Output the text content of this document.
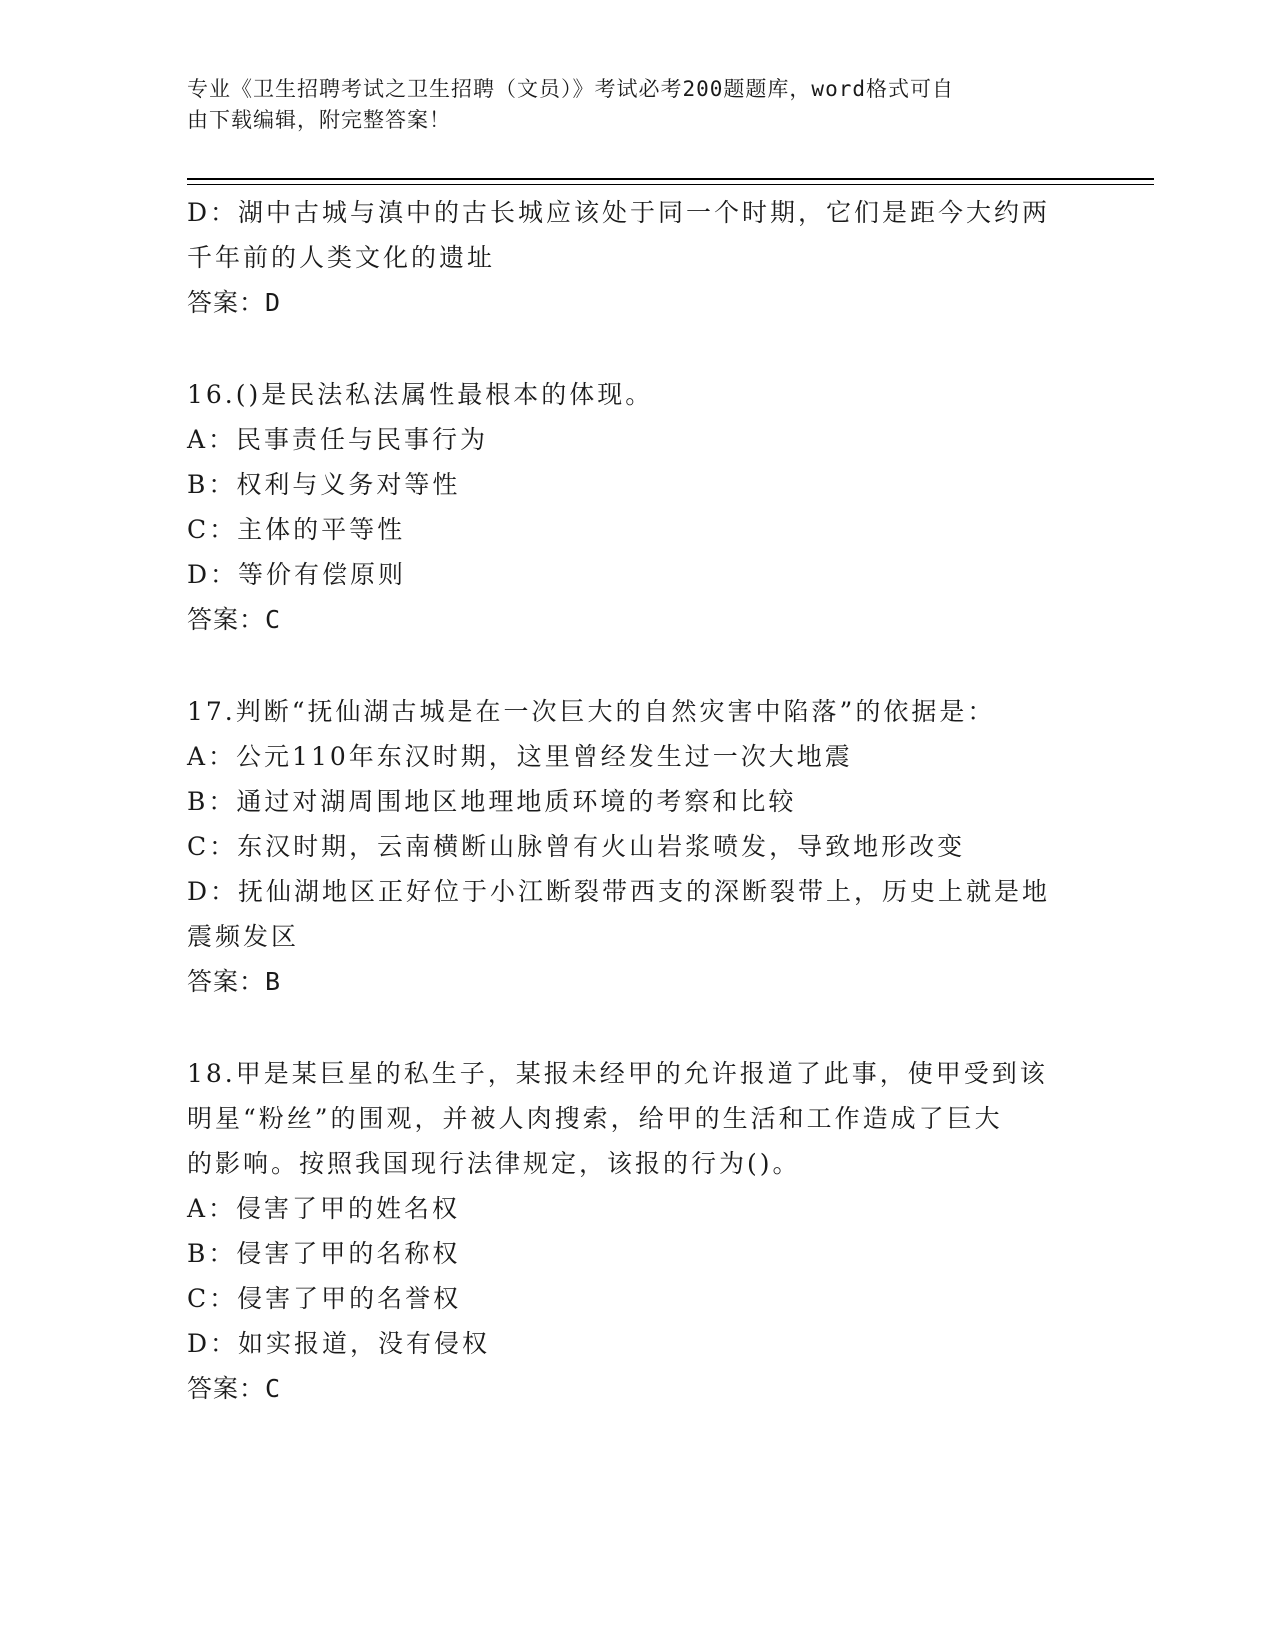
专业《卫生招聘考试之卫生招聘（文员）》考试必考200题题库，word格式可自
由下载编辑，附完整答案！
D：湖中古城与滇中的古长城应该处于同一个时期，它们是距今大约两
千年前的人类文化的遗址
答案：D
16.()是民法私法属性最根本的体现。
A：民事责任与民事行为
B：权利与义务对等性
C：主体的平等性
D：等价有偿原则
答案：C
17.判断“抚仙湖古城是在一次巨大的自然灾害中陷落”的依据是：
A：公元110年东汉时期，这里曾经发生过一次大地震
B：通过对湖周围地区地理地质环境的考察和比较
C：东汉时期，云南横断山脉曾有火山岩浆喷发，导致地形改变
D：抚仙湖地区正好位于小江断裂带西支的深断裂带上，历史上就是地
震频发区
答案：B
18.甲是某巨星的私生子，某报未经甲的允许报道了此事，使甲受到该
明星“粉丝”的围观，并被人肉搜索，给甲的生活和工作造成了巨大
的影响。按照我国现行法律规定，该报的行为()。
A：侵害了甲的姓名权
B：侵害了甲的名称权
C：侵害了甲的名誉权
D：如实报道，没有侵权
答案：C
